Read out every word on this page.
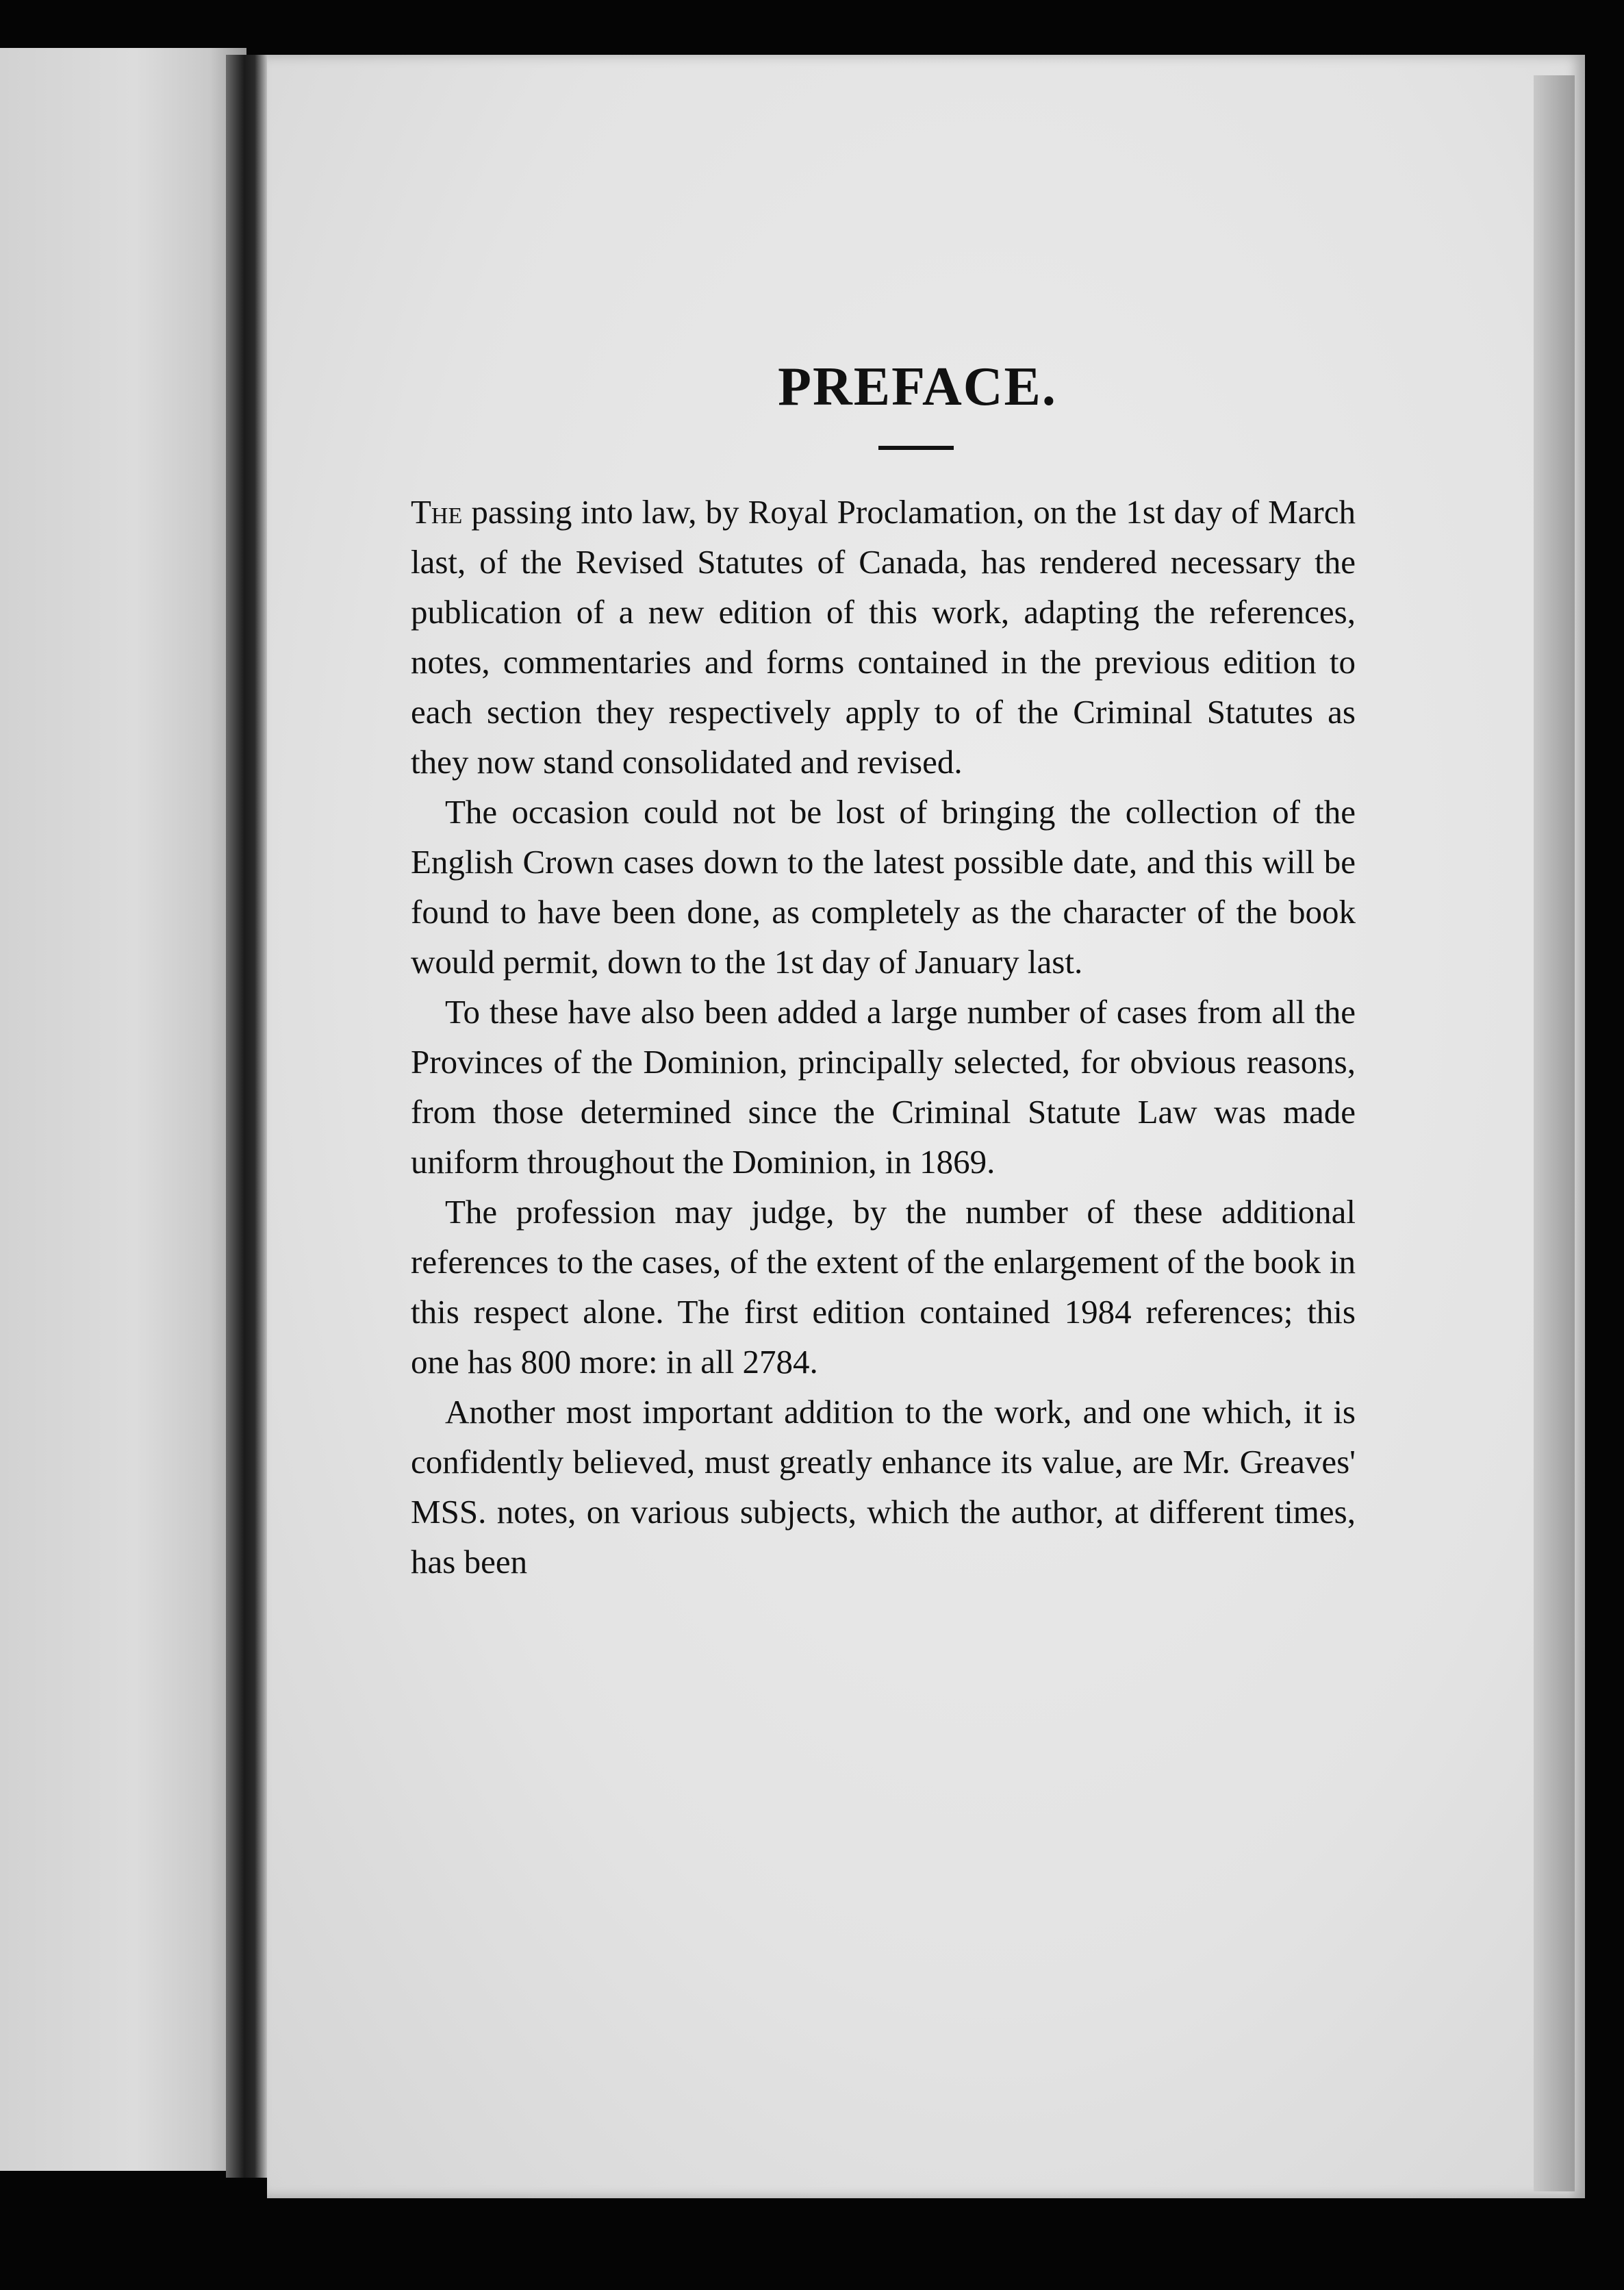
PREFACE.

The passing into law, by Royal Proclamation, on the 1st day of March last, of the Revised Statutes of Canada, has rendered necessary the publication of a new edition of this work, adapting the references, notes, commentaries and forms contained in the previous edition to each section they respectively apply to of the Criminal Statutes as they now stand consolidated and revised.

The occasion could not be lost of bringing the collection of the English Crown cases down to the latest possible date, and this will be found to have been done, as completely as the character of the book would permit, down to the 1st day of January last.

To these have also been added a large number of cases from all the Provinces of the Dominion, principally selected, for obvious reasons, from those determined since the Criminal Statute Law was made uniform throughout the Dominion, in 1869.

The profession may judge, by the number of these additional references to the cases, of the extent of the enlargement of the book in this respect alone. The first edition contained 1984 references; this one has 800 more: in all 2784.

Another most important addition to the work, and one which, it is confidently believed, must greatly enhance its value, are Mr. Greaves' MSS. notes, on various subjects, which the author, at different times, has been
